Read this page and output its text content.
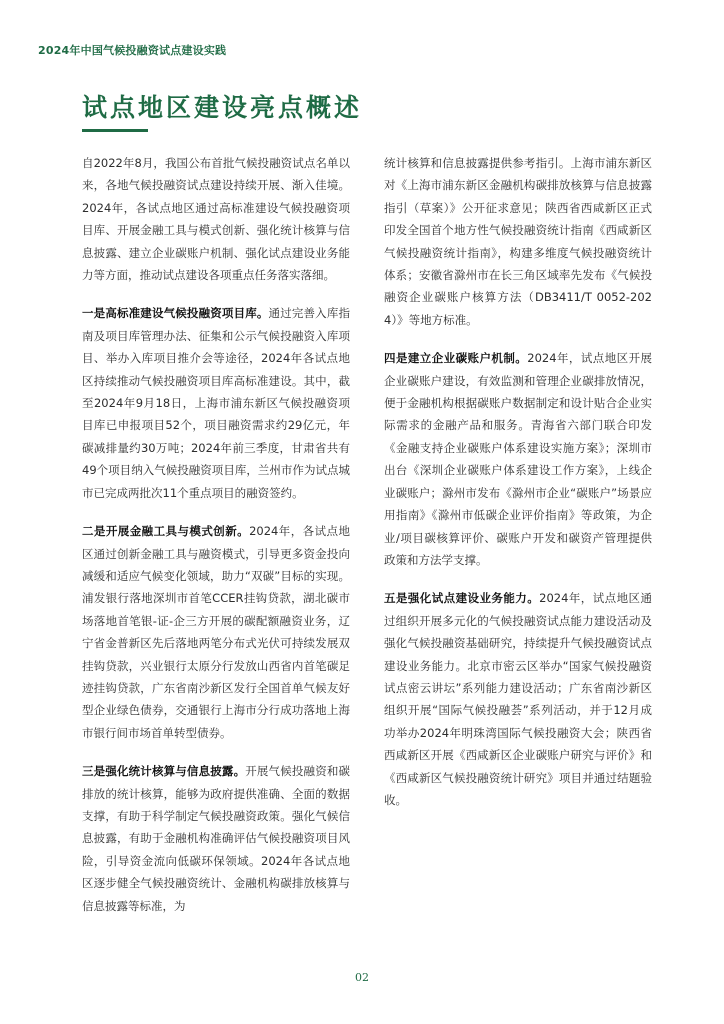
2024年中国气候投融资试点建设实践
试点地区建设亮点概述

自2022年8月，我国公布首批气候投融资试点名单以来，各地气候投融资试点建设持续开展、渐入佳境。2024年，各试点地区通过高标准建设气候投融资项目库、开展金融工具与模式创新、强化统计核算与信息披露、建立企业碳账户机制、强化试点建设业务能力等方面，推动试点建设各项重点任务落实落细。

一是高标准建设气候投融资项目库。通过完善入库指南及项目库管理办法、征集和公示气候投融资入库项目、举办入库项目推介会等途径，2024年各试点地区持续推动气候投融资项目库高标准建设。其中，截至2024年9月18日，上海市浦东新区气候投融资项目库已申报项目52个，项目融资需求约29亿元，年碳减排量约30万吨；2024年前三季度，甘肃省共有49个项目纳入气候投融资项目库，兰州市作为试点城市已完成两批次11个重点项目的融资签约。

二是开展金融工具与模式创新。2024年，各试点地区通过创新金融工具与融资模式，引导更多资金投向减缓和适应气候变化领域，助力“双碳”目标的实现。浦发银行落地深圳市首笔CCER挂钩贷款，湖北碳市场落地首笔银-证-企三方开展的碳配额融资业务，辽宁省金普新区先后落地两笔分布式光伏可持续发展双挂钩贷款，兴业银行太原分行发放山西省内首笔碳足迹挂钩贷款，广东省南沙新区发行全国首单气候友好型企业绿色债券，交通银行上海市分行成功落地上海市银行间市场首单转型债券。

三是强化统计核算与信息披露。开展气候投融资和碳排放的统计核算，能够为政府提供准确、全面的数据支撑，有助于科学制定气候投融资政策。强化气候信息披露，有助于金融机构准确评估气候投融资项目风险，引导资金流向低碳环保领域。2024年各试点地区逐步健全气候投融资统计、金融机构碳排放核算与信息披露等标准，为

统计核算和信息披露提供参考指引。上海市浦东新区对《上海市浦东新区金融机构碳排放核算与信息披露指引（草案）》公开征求意见；陕西省西咸新区正式印发全国首个地方性气候投融资统计指南《西咸新区气候投融资统计指南》，构建多维度气候投融资统计体系；安徽省滁州市在长三角区域率先发布《气候投融资企业碳账户核算方法（DB3411/T 0052-2024）》等地方标准。

四是建立企业碳账户机制。2024年，试点地区开展企业碳账户建设，有效监测和管理企业碳排放情况，便于金融机构根据碳账户数据制定和设计贴合企业实际需求的金融产品和服务。青海省六部门联合印发《金融支持企业碳账户体系建设实施方案》；深圳市出台《深圳企业碳账户体系建设工作方案》，上线企业碳账户；滁州市发布《滁州市企业“碳账户”场景应用指南》《滁州市低碳企业评价指南》等政策，为企业/项目碳核算评价、碳账户开发和碳资产管理提供政策和方法学支撑。

五是强化试点建设业务能力。2024年，试点地区通过组织开展多元化的气候投融资试点能力建设活动及强化气候投融资基础研究，持续提升气候投融资试点建设业务能力。北京市密云区举办“国家气候投融资试点密云讲坛”系列能力建设活动；广东省南沙新区组织开展“国际气候投融荟”系列活动，并于12月成功举办2024年明珠湾国际气候投融资大会；陕西省西咸新区开展《西咸新区企业碳账户研究与评价》和《西咸新区气候投融资统计研究》项目并通过结题验收。

02
